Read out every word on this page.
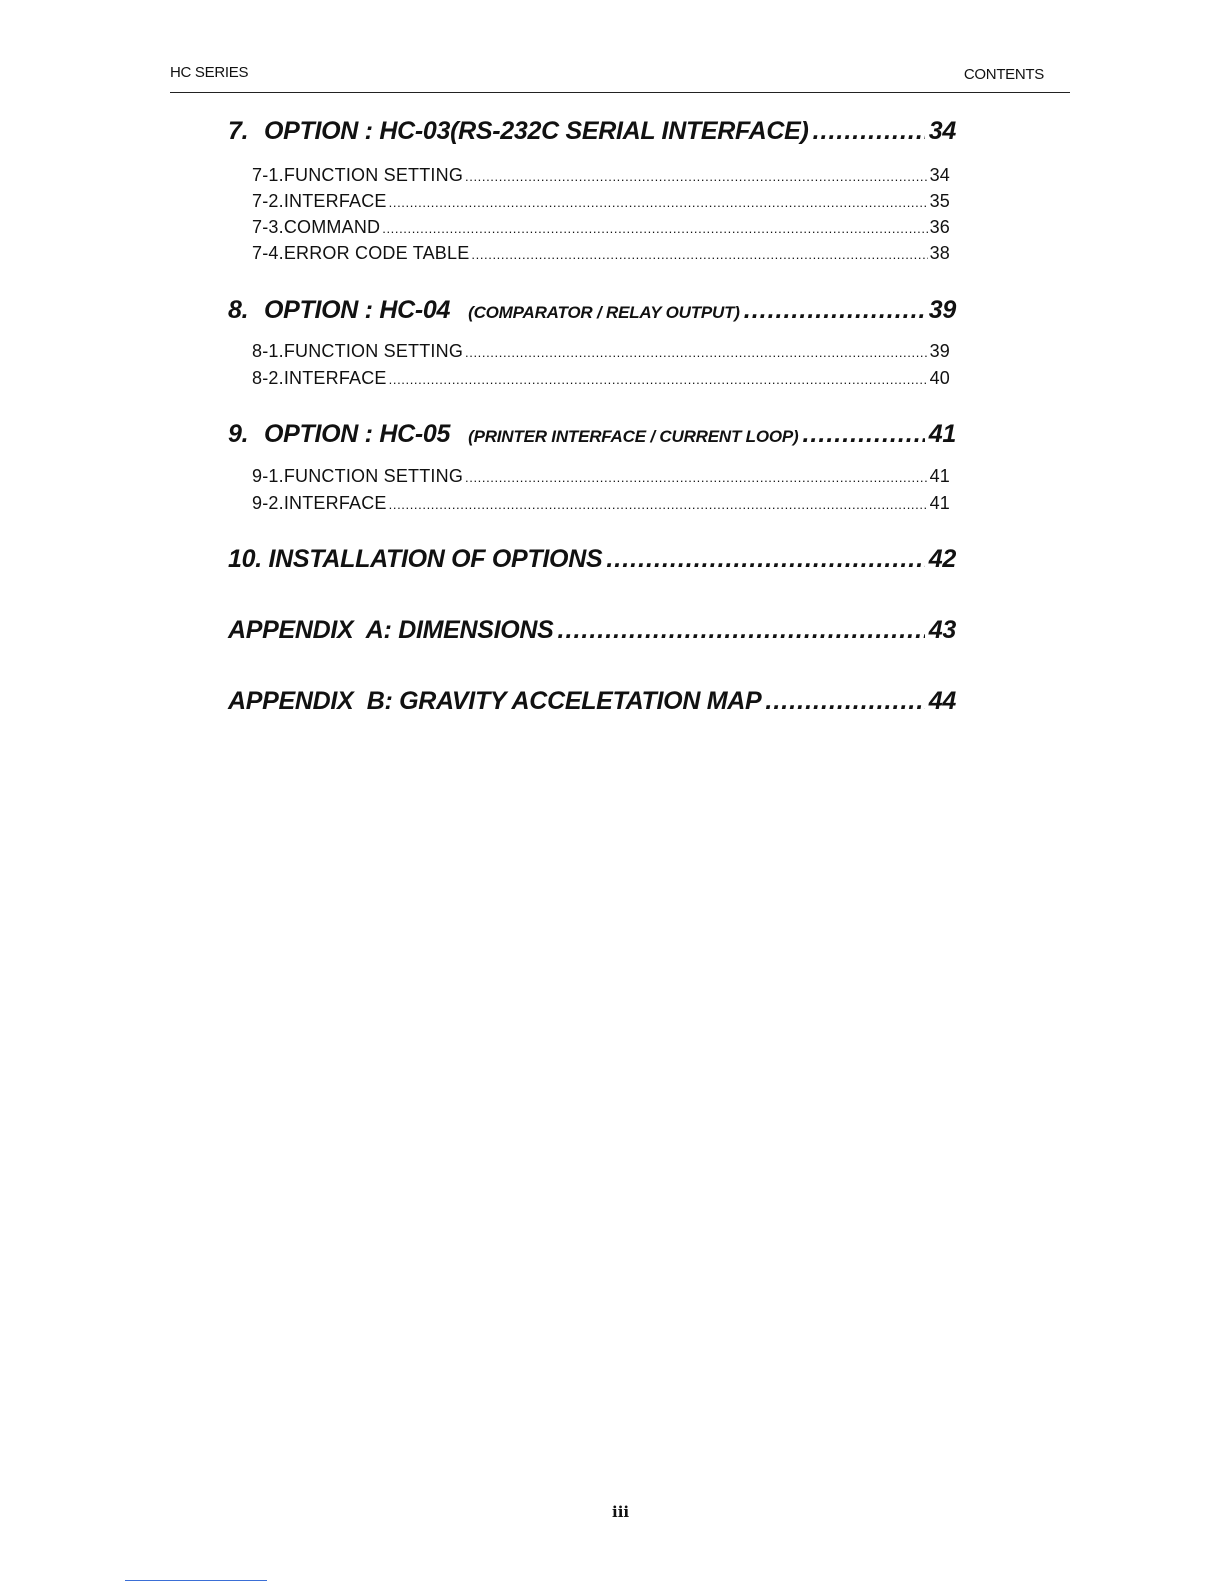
HC SERIES	CONTENTS
7. OPTION : HC-03(RS-232C SERIAL INTERFACE) .....	34
7-1. FUNCTION SETTING .....	34
7-2. INTERFACE .....	35
7-3. COMMAND .....	36
7-4. ERROR CODE TABLE .....	38
8. OPTION : HC-04 (COMPARATOR / RELAY OUTPUT) .....	39
8-1. FUNCTION SETTING .....	39
8-2. INTERFACE .....	40
9. OPTION : HC-05 (PRINTER INTERFACE / CURRENT LOOP) .....	41
9-1. FUNCTION SETTING .....	41
9-2. INTERFACE .....	41
10. INSTALLATION OF OPTIONS .....	42
APPENDIX  A: DIMENSIONS .....	43
APPENDIX  B: GRAVITY ACCELETATION MAP .....	44
iii
